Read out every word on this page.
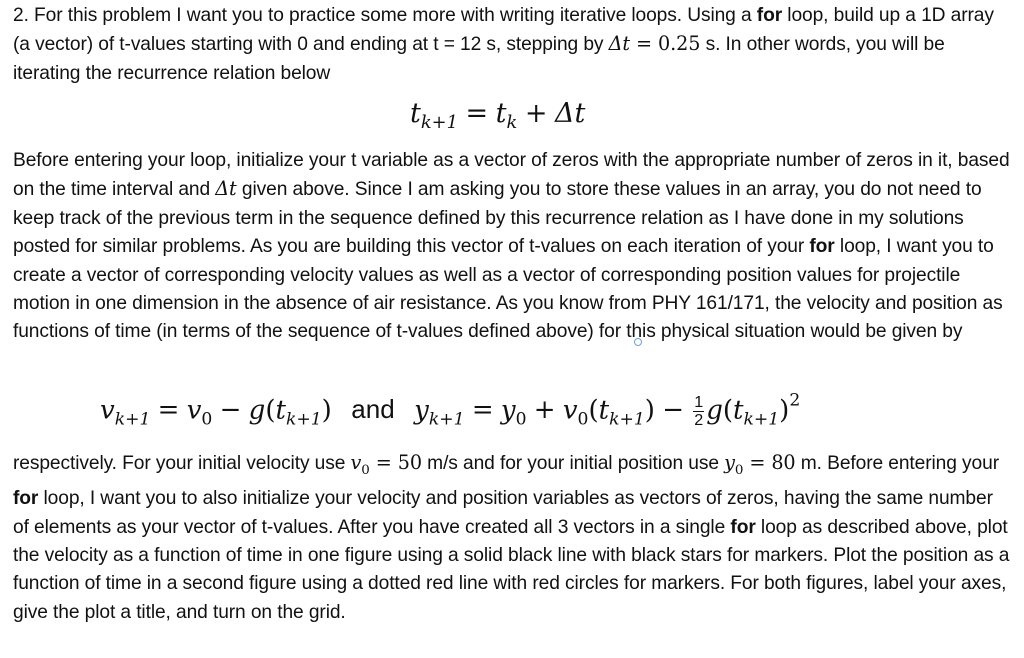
2. For this problem I want you to practice some more with writing iterative loops. Using a for loop, build up a 1D array (a vector) of t-values starting with 0 and ending at t = 12 s, stepping by Δt = 0.25 s. In other words, you will be iterating the recurrence relation below

$t_{k+1} = t_k + \Delta t$

Before entering your loop, initialize your t variable as a vector of zeros with the appropriate number of zeros in it, based on the time interval and Δt given above. Since I am asking you to store these values in an array, you do not need to keep track of the previous term in the sequence defined by this recurrence relation as I have done in my solutions posted for similar problems. As you are building this vector of t-values on each iteration of your for loop, I want you to create a vector of corresponding velocity values as well as a vector of corresponding position values for projectile motion in one dimension in the absence of air resistance. As you know from PHY 161/171, the velocity and position as functions of time (in terms of the sequence of t-values defined above) for this physical situation would be given by

$v_{k+1} = v_0 - g(t_{k+1})$ and $y_{k+1} = y_0 + v_0(t_{k+1}) - \frac{1}{2} g(t_{k+1})^2$

respectively. For your initial velocity use $v_0 = 50$ m/s and for your initial position use $y_0 = 80$ m. Before entering your for loop, I want you to also initialize your velocity and position variables as vectors of zeros, having the same number of elements as your vector of t-values. After you have created all 3 vectors in a single for loop as described above, plot the velocity as a function of time in one figure using a solid black line with black stars for markers. Plot the position as a function of time in a second figure using a dotted red line with red circles for markers. For both figures, label your axes, give the plot a title, and turn on the grid.
